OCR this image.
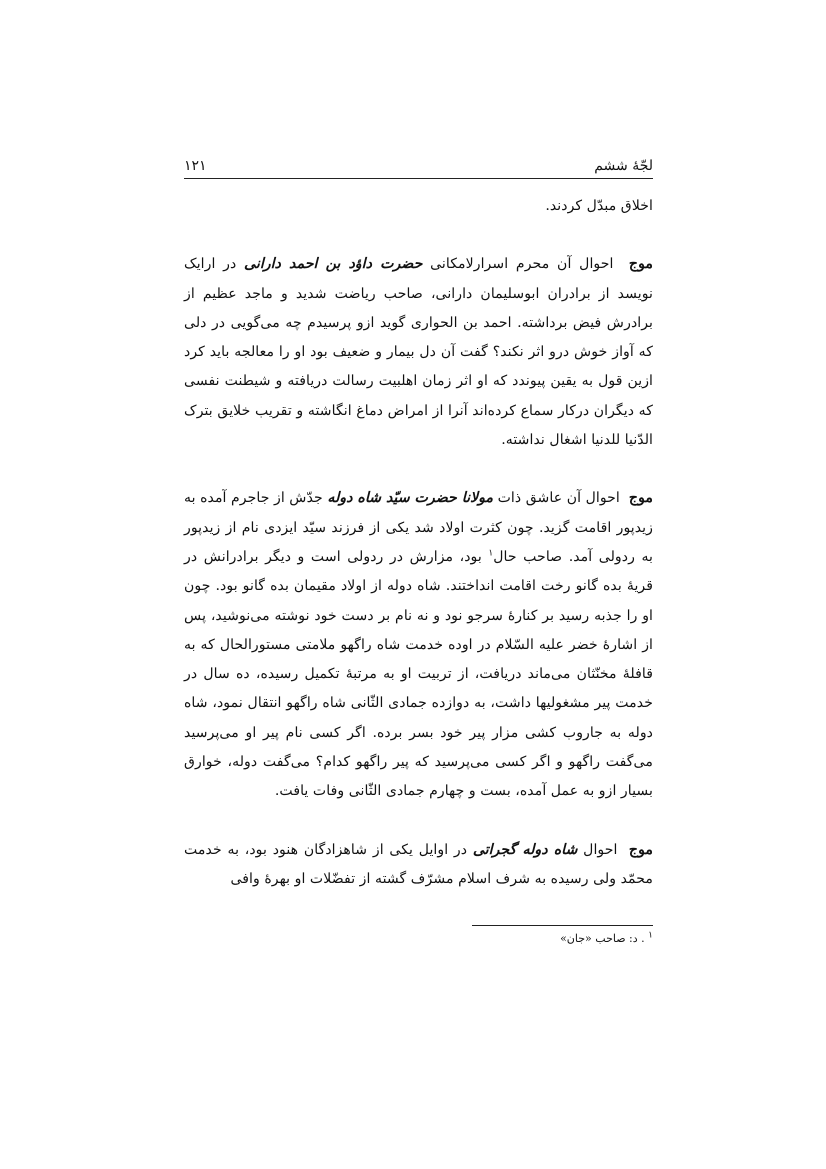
لجّهٔ ششم
١٢١

اخلاق مبدّل کردند.

موج  احوال آن محرم اسرارلامکانی حضرت داؤد بن احمد دارانی در ارایک نویسد از برادران ابوسلیمان دارانی، صاحب ریاضت شدید و ماجد عظیم از برادرش فیض برداشته. احمد بن الحواری گوید ازو پرسیدم چه می‌گویی در دلی که آواز خوش درو اثر نکند؟ گفت آن دل بیمار و ضعیف بود او را معالجه باید کرد ازین قول به یقین پیوندد که او اثر زمان اهلبیت رسالت دریافته و شیطنت نفسی که دیگران درکار سماع کرده‌اند آنرا از امراض دماغ انگاشته و تقریب خلایق بترک الدّنیا للدنیا اشغال نداشته.

موج  احوال آن عاشق ذات مولانا حضرت سیّد شاه دوله جدّش از جاجرم آمده به زیدپور اقامت گزید. چون کثرت اولاد شد یکی از فرزند سیّد ایزدی نام از زیدپور به ردولی آمد. صاحب حال$^١$ بود، مزارش در ردولی است و دیگر برادرانش در قریهٔ بده گانو رخت اقامت انداختند. شاه دوله از اولاد مقیمان بده گانو بود. چون او را جذبه رسید بر کنارهٔ سرجو نود و نه نام بر دست خود نوشته می‌نوشید، پس از اشارهٔ خضر علیه السّلام در اوده خدمت شاه راگهو ملامتی مستورالحال که به قافلهٔ مخنّثان می‌ماند دریافت، از تربیت او به مرتبهٔ تکمیل رسیده، ده سال در خدمت پیر مشغولیها داشت، به دوازده جمادی الثّانی شاه راگهو انتقال نمود، شاه دوله به جاروب کشی مزار پیر خود بسر برده. اگر کسی نام پیر او می‌پرسید می‌گفت راگهو و اگر کسی می‌پرسید که پیر راگهو کدام؟ می‌گفت دوله، خوارق بسیار ازو به عمل آمده، بست و چهارم جمادی الثّانی وفات یافت.

موج  احوال شاه دوله گجراتی در اوایل یکی از شاهزادگان هنود بود، به خدمت محمّد ولی رسیده به شرف اسلام مشرّف گشته از تفضّلات او بهرهٔ وافی

$^١$ . د: صاحب «جان»
